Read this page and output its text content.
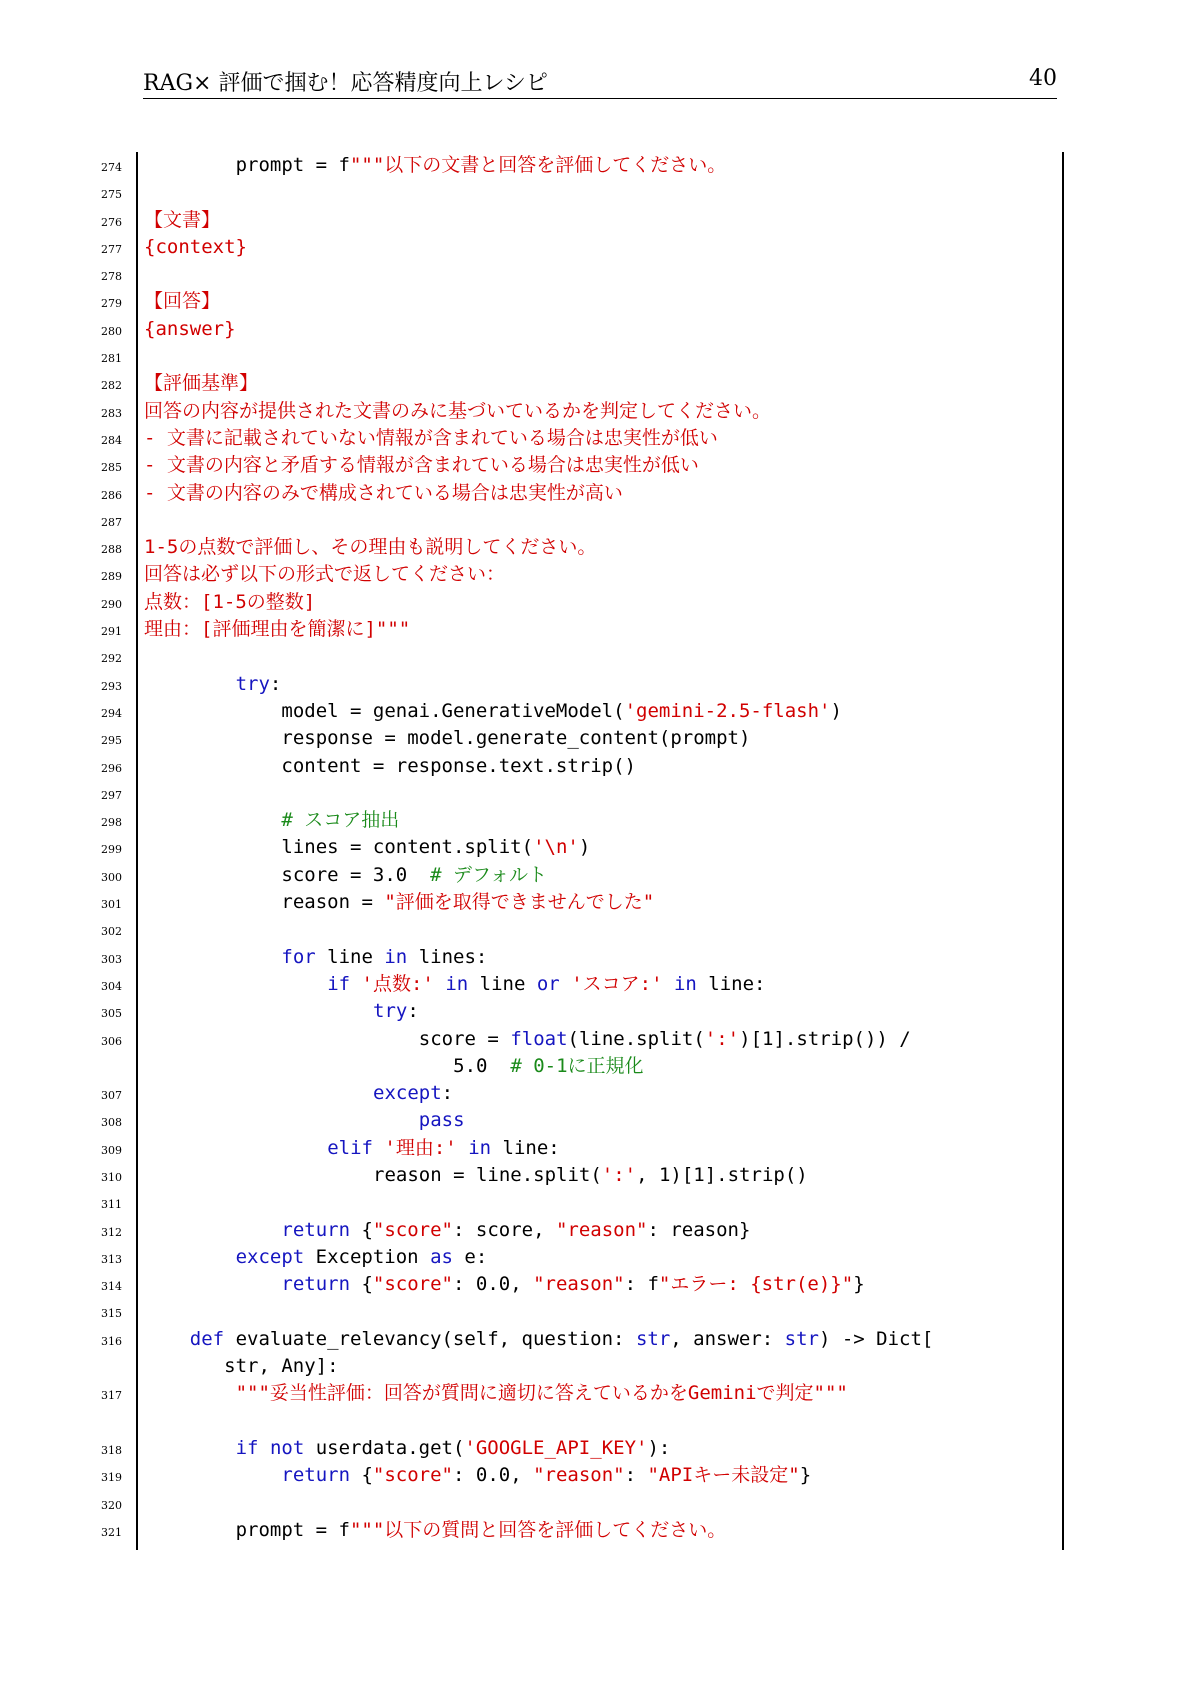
RAG× 評価で掴む！応答精度向上レシピ	40
274	prompt = f"""以下の文書と回答を評価してください。
275
276 【文書】
277 {context}
278
279 【回答】
280 {answer}
281
282 【評価基準】
283 回答の内容が提供された文書のみに基づいているかを判定してください。
284 - 文書に記載されていない情報が含まれている場合は忠実性が低い
285 - 文書の内容と矛盾する情報が含まれている場合は忠実性が低い
286 - 文書の内容のみで構成されている場合は忠実性が高い
287
288 1-5の点数で評価し、その理由も説明してください。
289 回答は必ず以下の形式で返してください：
290 点数：[1-5の整数]
291 理由：[評価理由を簡潔に]"""
292
293	try:
294	model = genai.GenerativeModel('gemini-2.5-flash')
295	response = model.generate_content(prompt)
296	content = response.text.strip()
297
298	# スコア抽出
299	lines = content.split('\n')
300	score = 3.0  # デフォルト
301	reason = "評価を取得できませんでした"
302
303	for line in lines:
304	if '点数:' in line or 'スコア:' in line:
305	try:
306	score = float(line.split(':')[1].strip()) /
5.0  # 0-1に正規化
307	except:
308	pass
309	elif '理由:' in line:
310	reason = line.split(':', 1)[1].strip()
311
312	return {"score": score, "reason": reason}
313	except Exception as e:
314	return {"score": 0.0, "reason": f"エラー: {str(e)}"}
315
316	def evaluate_relevancy(self, question: str, answer: str) -> Dict[
str, Any]:
317	"""妥当性評価：回答が質問に適切に答えているかをGeminiで判定"""
318	if not userdata.get('GOOGLE_API_KEY'):
319	return {"score": 0.0, "reason": "APIキー未設定"}
320
321	prompt = f"""以下の質問と回答を評価してください。
